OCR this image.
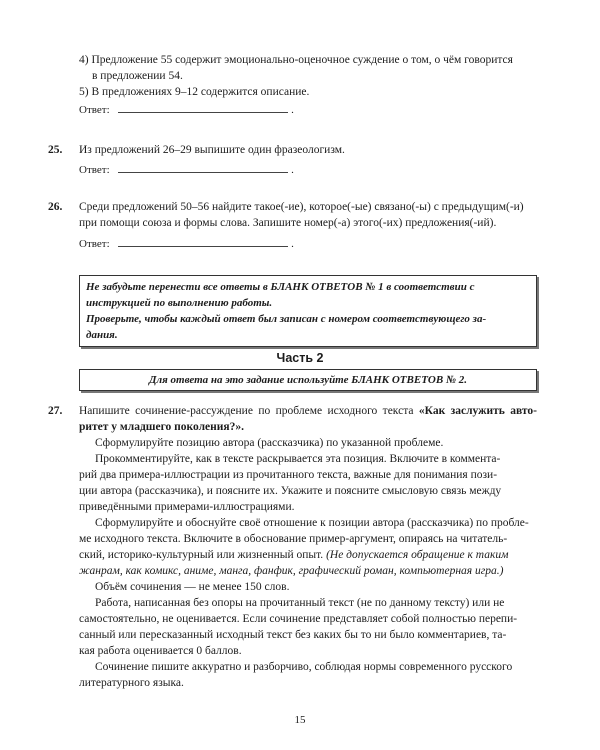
4) Предложение 55 содержит эмоционально-оценочное суждение о том, о чём говорится
в предложении 54.
5) В предложениях 9–12 содержится описание.
Ответ:	.
25. Из предложений 26–29 выпишите один фразеологизм.
Ответ:	.
26. Среди предложений 50–56 найдите такое(-ие), которое(-ые) связано(-ы) с предыдущим(-и)
при помощи союза и формы слова. Запишите номер(-а) этого(-их) предложения(-ий).
Ответ:	.
Не забудьте перенести все ответы в БЛАНК ОТВЕТОВ № 1 в соответствии с
инструкцией по выполнению работы.
Проверьте, чтобы каждый ответ был записан с номером соответствующего за-
дания.
Часть 2
Для ответа на это задание используйте БЛАНК ОТВЕТОВ № 2.
27. Напишите сочинение-рассуждение по проблеме исходного текста «Как заслужить авто-
ритет у младшего поколения?».
Сформулируйте позицию автора (рассказчика) по указанной проблеме.
Прокомментируйте, как в тексте раскрывается эта позиция. Включите в коммента-
рий два примера-иллюстрации из прочитанного текста, важные для понимания пози-
ции автора (рассказчика), и поясните их. Укажите и поясните смысловую связь между
приведёнными примерами-иллюстрациями.
Сформулируйте и обоснуйте своё отношение к позиции автора (рассказчика) по пробле-
ме исходного текста. Включите в обоснование пример-аргумент, опираясь на читатель-
ский, историко-культурный или жизненный опыт. (Не допускается обращение к таким
жанрам, как комикс, аниме, манга, фанфик, графический роман, компьютерная игра.)
Объём сочинения — не менее 150 слов.
Работа, написанная без опоры на прочитанный текст (не по данному тексту) или не
самостоятельно, не оценивается. Если сочинение представляет собой полностью перепи-
санный или пересказанный исходный текст без каких бы то ни было комментариев, та-
кая работа оценивается 0 баллов.
Сочинение пишите аккуратно и разборчиво, соблюдая нормы современного русского
литературного языка.
15
